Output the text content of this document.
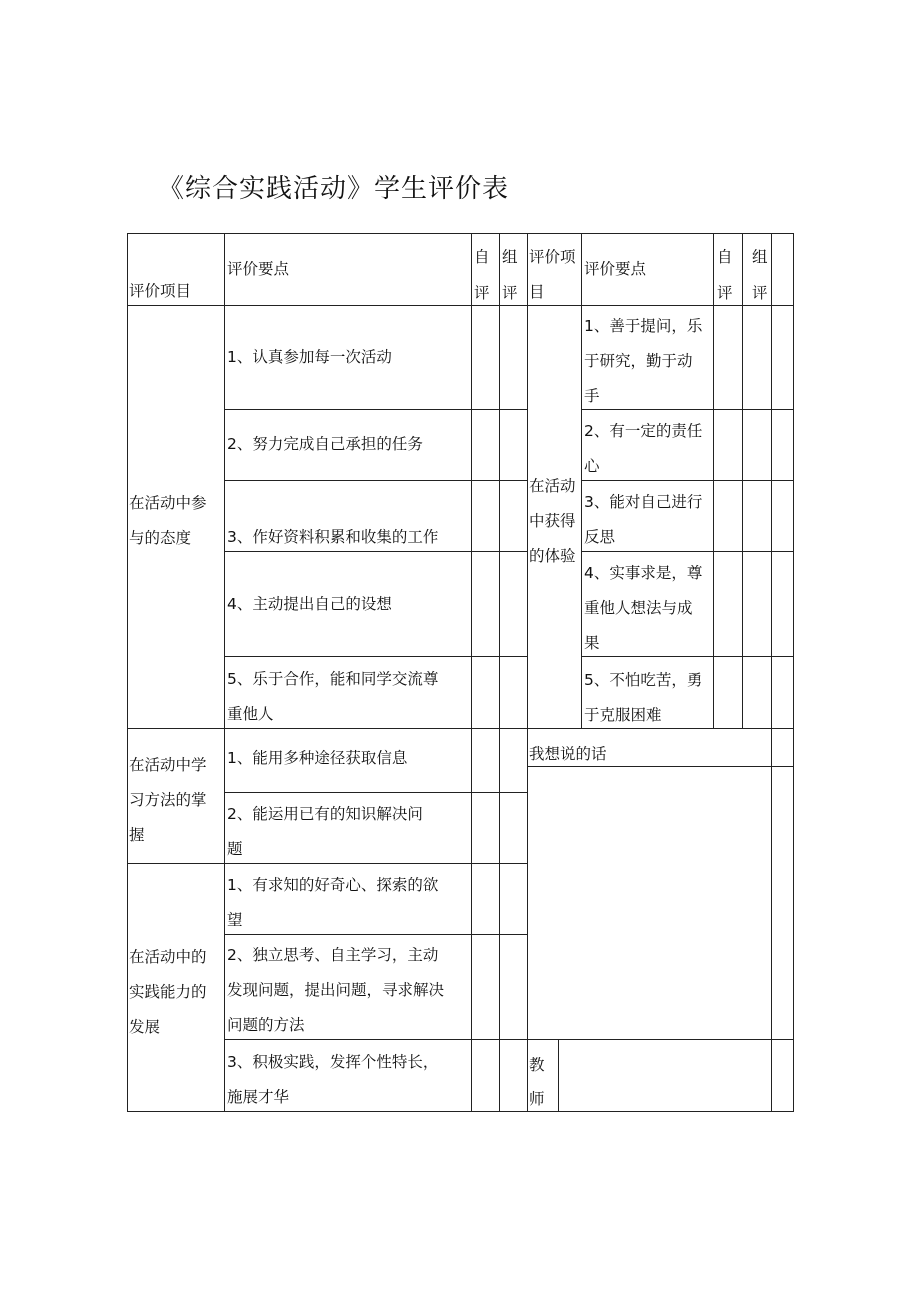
《综合实践活动》学生评价表
评价项目
评价要点
自
评
组
评
评价项
目
评价要点
自
评
组
评
在活动中参
与的态度
在活动中学
习方法的掌
握
在活动中的
实践能力的
发展
在活动
中获得
的体验
1、认真参加每一次活动
2、努力完成自己承担的任务
3、作好资料积累和收集的工作
4、主动提出自己的设想
5、乐于合作，能和同学交流尊
重他人
1、能用多种途径获取信息
2、能运用已有的知识解决问
题
1、有求知的好奇心、探索的欲
望
2、独立思考、自主学习，主动
发现问题，提出问题，寻求解决
问题的方法
3、积极实践，发挥个性特长，
施展才华
1、善于提问，乐
于研究，勤于动
手
2、有一定的责任
心
3、能对自己进行
反思
4、实事求是，尊
重他人想法与成
果
5、不怕吃苦，勇
于克服困难
我想说的话
教
师
